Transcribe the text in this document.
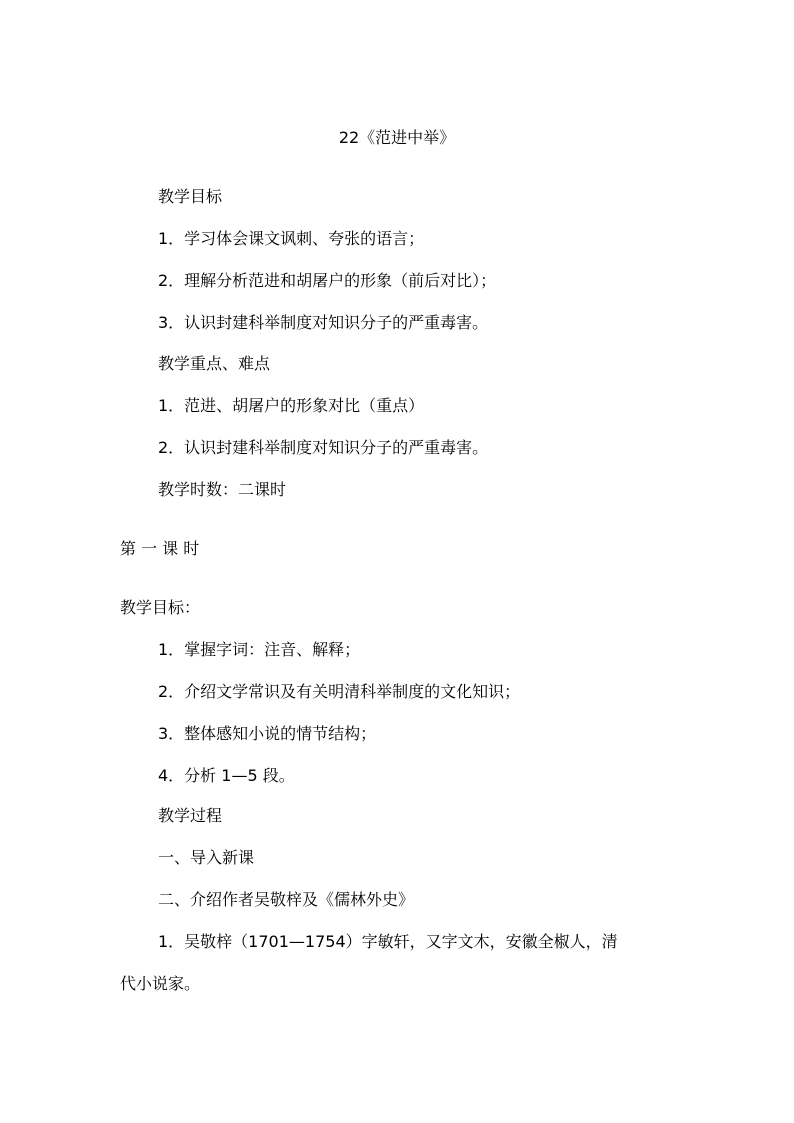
22《范进中举》
教学目标
1．学习体会课文讽刺、夸张的语言；
2．理解分析范进和胡屠户的形象（前后对比）；
3．认识封建科举制度对知识分子的严重毒害。
教学重点、难点
1．范进、胡屠户的形象对比（重点）
2．认识封建科举制度对知识分子的严重毒害。
教学时数：二课时
第 一 课 时
教学目标：
1．掌握字词：注音、解释；
2．介绍文学常识及有关明清科举制度的文化知识；
3．整体感知小说的情节结构；
4．分析 1—5 段。
教学过程
一、导入新课
二、介绍作者吴敬梓及《儒林外史》
1．吴敬梓（1701—1754）字敏轩，又字文木，安徽全椒人，清
代小说家。
